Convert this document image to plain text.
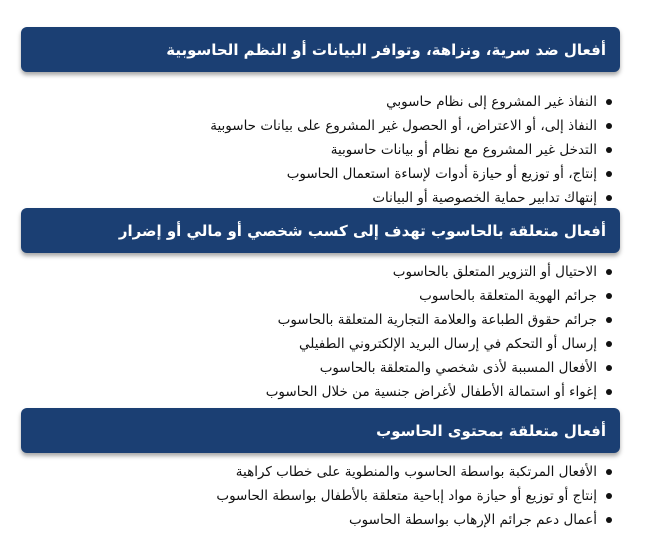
أفعال ضد سرية، ونزاهة، وتوافر البيانات أو النظم الحاسوبية
النفاذ غير المشروع إلى نظام حاسوبي
النفاذ إلى، أو الاعتراض، أو الحصول غير المشروع على بيانات حاسوبية
التدخل غير المشروع مع نظام أو بيانات حاسوبية
إنتاج، أو توزيع أو حيازة أدوات لإساءة استعمال الحاسوب
إنتهاك تدابير حماية الخصوصية أو البيانات
أفعال متعلقة بالحاسوب تهدف إلى كسب شخصي أو مالي أو إضرار
الاحتيال أو التزوير المتعلق بالحاسوب
جرائم الهوية المتعلقة بالحاسوب
جرائم حقوق الطباعة والعلامة التجارية المتعلقة بالحاسوب
إرسال أو التحكم في إرسال البريد الإلكتروني الطفيلي
الأفعال المسببة لأذى شخصي والمتعلقة بالحاسوب
إغواء أو استمالة الأطفال لأغراض جنسية من خلال الحاسوب
أفعال متعلقة بمحتوى الحاسوب
الأفعال المرتكبة بواسطة الحاسوب والمنطوية على خطاب كراهية
إنتاج أو توزيع أو حيازة مواد إباحية متعلقة بالأطفال بواسطة الحاسوب
أعمال دعم جرائم الإرهاب بواسطة الحاسوب
